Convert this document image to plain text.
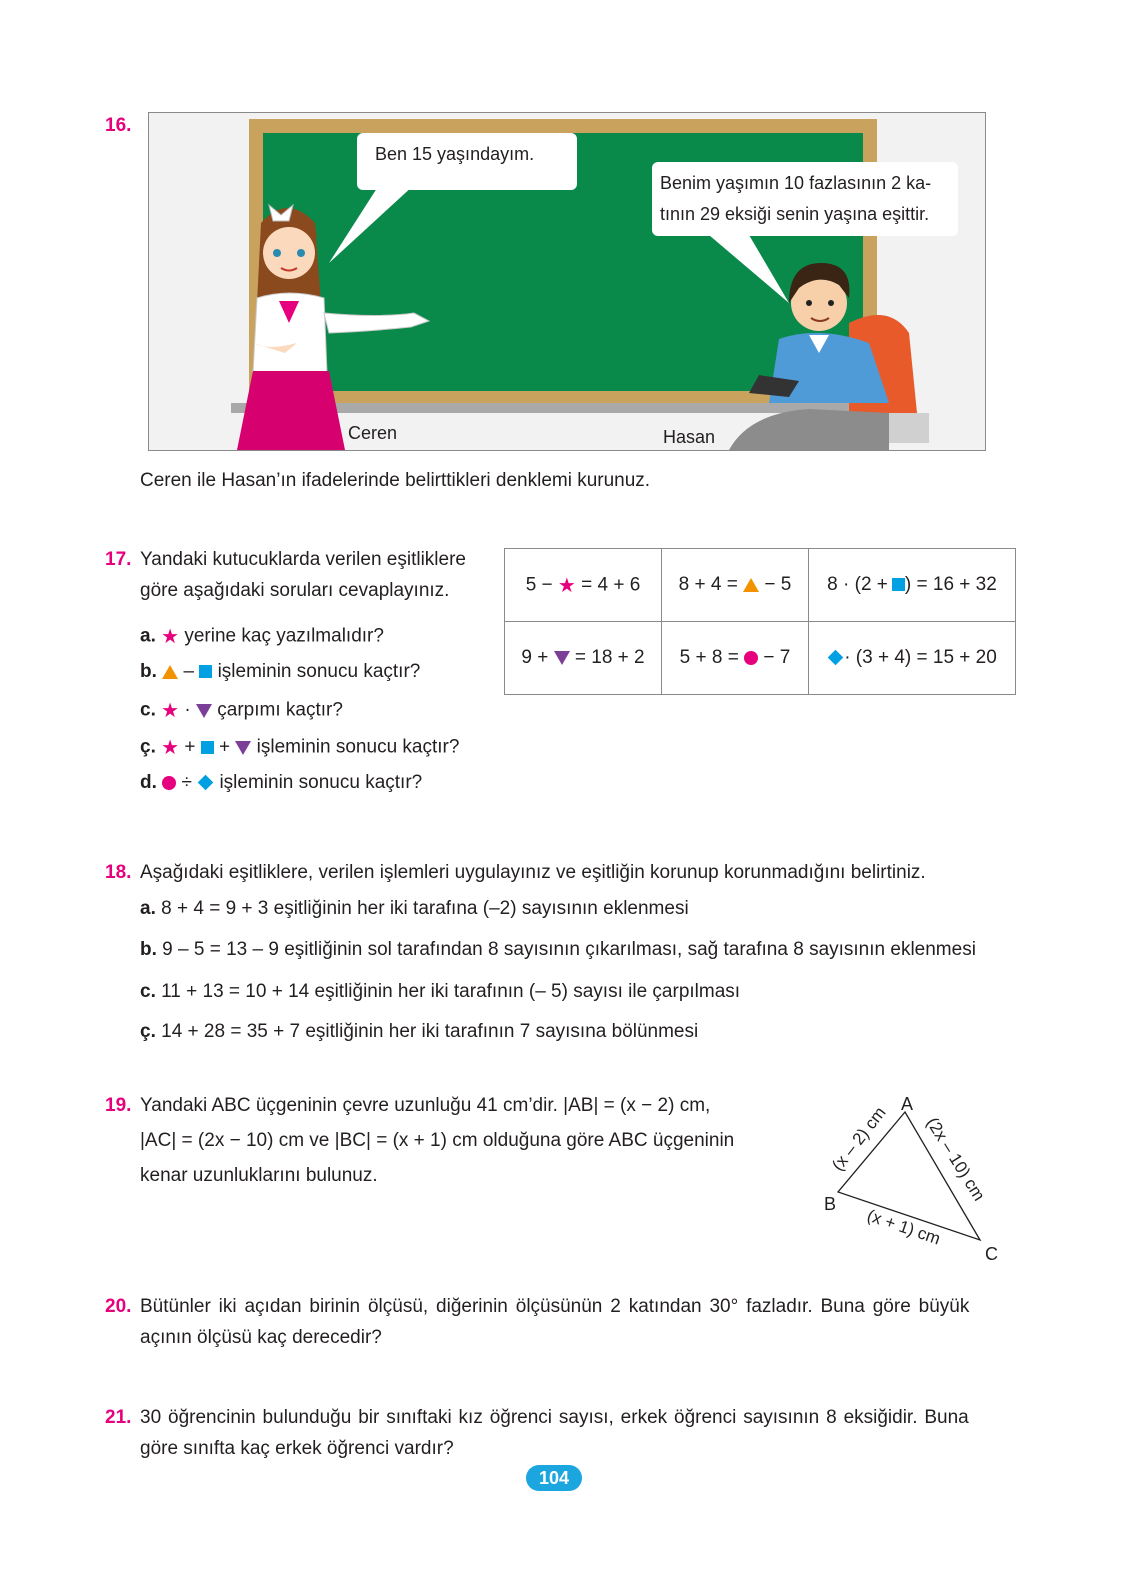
16.
Ben 15 yaşındayım.
Benim yaşımın 10 fazlasının 2 ka-
tının 29 eksiği senin yaşına eşittir.
Ceren	Hasan
Ceren ile Hasan’ın ifadelerinde belirttikleri denklemi kurunuz.
17. Yandaki kutucuklarda verilen eşitliklere
göre aşağıdaki soruları cevaplayınız.
a. ★ yerine kaç yazılmalıdır?
b.  –  işleminin sonucu kaçtır?
c. ★ ·  çarpımı kaçtır?
ç. ★ +  +  işleminin sonucu kaçtır?
d.  ÷  işleminin sonucu kaçtır?
5 − ★ = 4 + 6	8 + 4 = − 5	8 · (2 + ) = 16 + 32
9 + = 18 + 2	5 + 8 = − 7	· (3 + 4) = 15 + 20
18. Aşağıdaki eşitliklere, verilen işlemleri uygulayınız ve eşitliğin korunup korunmadığını belirtiniz.
a. 8 + 4 = 9 + 3 eşitliğinin her iki tarafına (–2) sayısının eklenmesi
b. 9 – 5 = 13 – 9 eşitliğinin sol tarafından 8 sayısının çıkarılması, sağ tarafına 8 sayısının eklenmesi
c. 11 + 13 = 10 + 14 eşitliğinin her iki tarafının (– 5) sayısı ile çarpılması
ç. 14 + 28 = 35 + 7 eşitliğinin her iki tarafının 7 sayısına bölünmesi
19. Yandaki ABC üçgeninin çevre uzunluğu 41 cm’dir. |AB| = (x − 2) cm,
|AC| = (2x − 10) cm ve |BC| = (x + 1) cm olduğuna göre ABC üçgeninin
kenar uzunluklarını bulunuz.
A
B
C
(x – 2) cm (2x – 10) cm
(x + 1) cm
20. Bütünler iki açıdan birinin ölçüsü, diğerinin ölçüsünün 2 katından 30° fazladır. Buna göre büyük
açının ölçüsü kaç derecedir?
21. 30 öğrencinin bulunduğu bir sınıftaki kız öğrenci sayısı, erkek öğrenci sayısının 8 eksiğidir. Buna
göre sınıfta kaç erkek öğrenci vardır?
104
